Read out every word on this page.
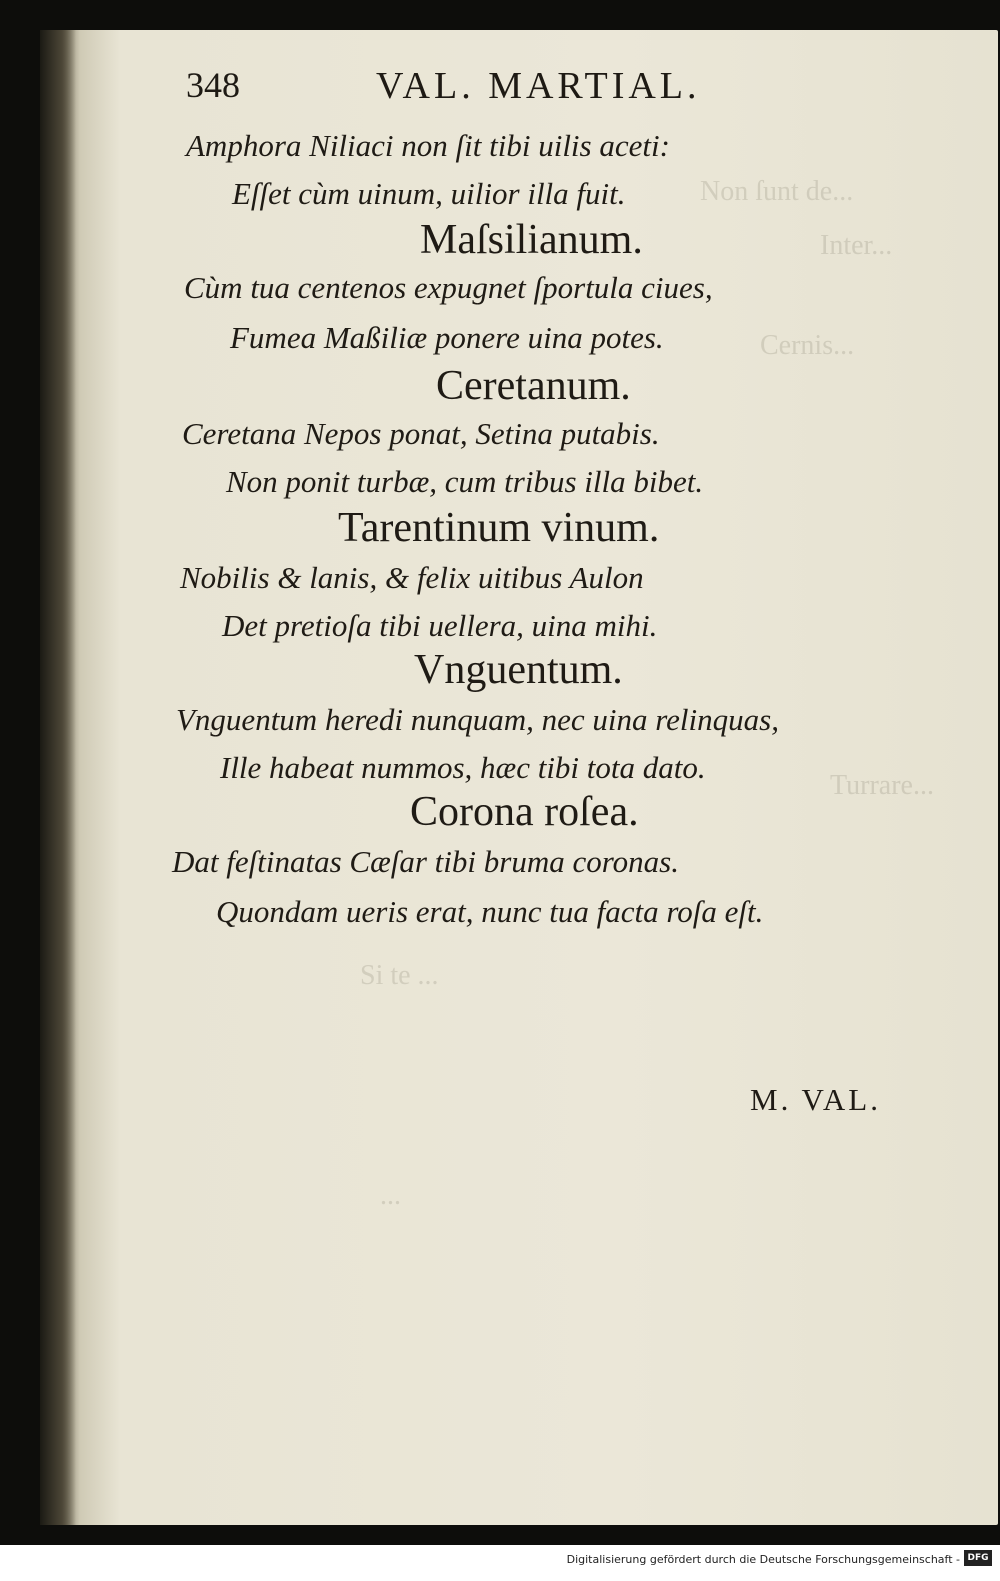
Non ſunt de...
Inter...
Cernis...
Turrare...
Si te ...
...
348	VAL. MARTIAL.
Amphora Niliaci non ſit tibi uilis aceti:
Eſſet cùm uinum, uilior illa fuit.
Maſsilianum.
Cùm tua centenos expugnet ſportula ciues,
Fumea Maßiliæ ponere uina potes.
Ceretanum.
Ceretana Nepos ponat, Setina putabis.
Non ponit turbæ, cum tribus illa bibet.
Tarentinum vinum.
Nobilis & lanis, & felix uitibus Aulon
Det pretioſa tibi uellera, uina mihi.
Vnguentum.
Vnguentum heredi nunquam, nec uina relinquas,
Ille habeat nummos, hæc tibi tota dato.
Corona roſea.
Dat feſtinatas Cæſar tibi bruma coronas.
Quondam ueris erat, nunc tua facta roſa eſt.
M. VAL.
Digitalisierung gefördert durch die Deutsche Forschungsgemeinschaft - DFG
